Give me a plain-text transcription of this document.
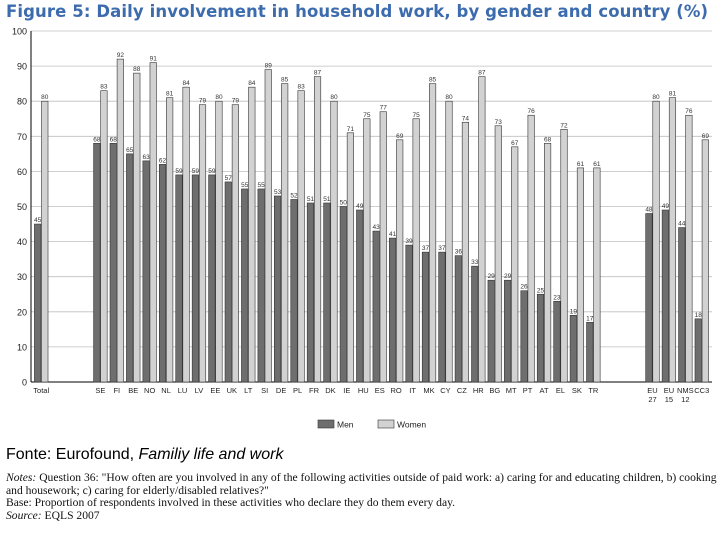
Figure 5: Daily involvement in household work, by gender and country (%)
0
10
20
30
40
50
60
70
80
90
100
45
80
68
83
68
92
65
88
63
91
62
81
59
84
59
79
59
80
57
79
55
84
55
89
53
85
52
83
51
87
51
80
50
71
49
75
43
77
41
69
39
75
37
85
37
80
36
74
33
87
29
73
29
67
26
76
25
68
23
72
19
61
17
61
48
80
49
81
44
76
18
69
Total	SE FI BE NO NL LU LV EE UK LT SI DE PL FR DK IE HU ES RO IT MK CY CZ HR BG MT PT AT EL SK TR	EU 27
EU 15
NMS 12
CC3
Men	Women
Fonte: Eurofound, Familiy life and work

Notes: Question 36: "How often are you involved in any of the following activities outside of paid work: a) caring for and educating children, b) cooking and housework; c) caring for elderly/disabled relatives?"

Base: Proportion of respondents involved in these activities who declare they do them every day.

Source: EQLS 2007
